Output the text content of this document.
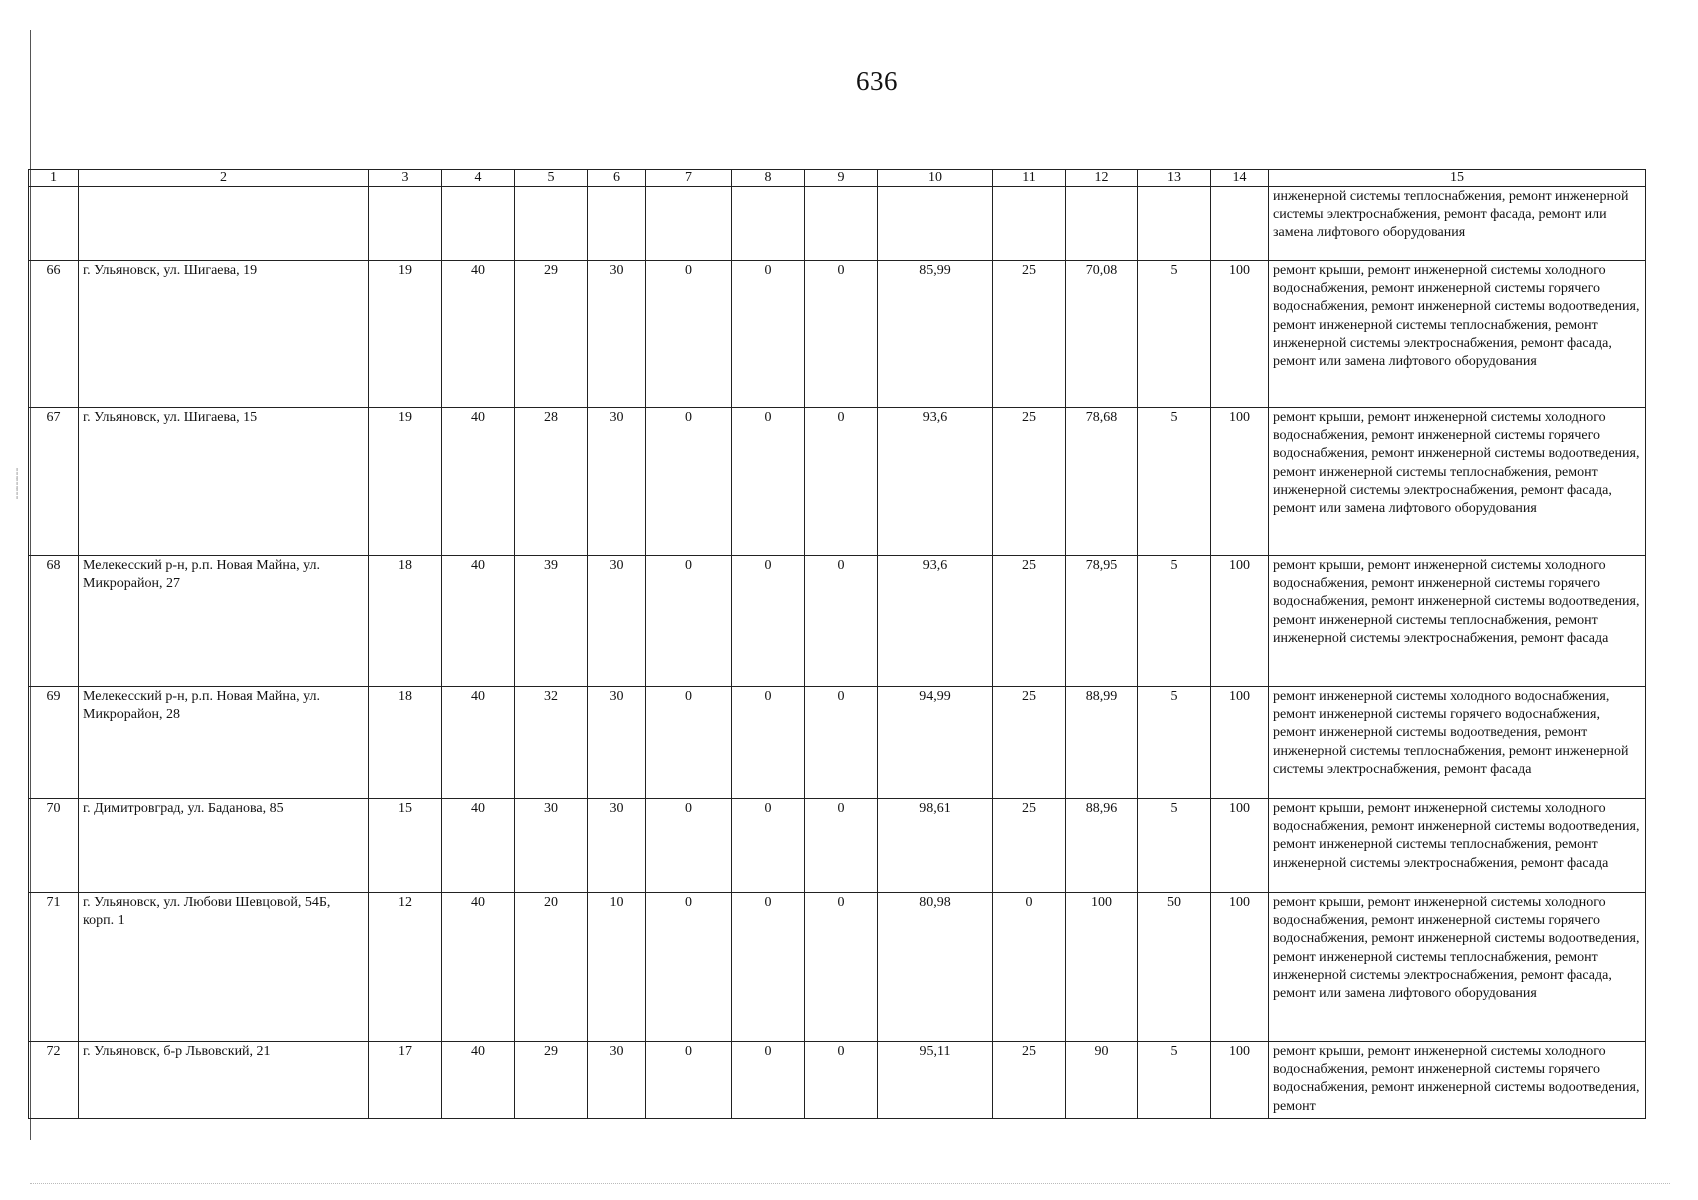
┆
┆
┆
636
1	2	3	4	5	6	7	8	9	10	11	12	13	14	15
														инженерной системы теплоснабжения, ремонт инженерной системы электроснабжения, ремонт фасада, ремонт или замена лифтового оборудования
66	г. Ульяновск, ул. Шигаева, 19	19	40	29	30	0	0	0	85,99	25	70,08	5	100	ремонт крыши, ремонт инженерной системы холодного водоснабжения, ремонт инженерной системы горячего водоснабжения, ремонт инженерной системы водоотведения, ремонт инженерной системы теплоснабжения, ремонт инженерной системы электроснабжения, ремонт фасада, ремонт или замена лифтового оборудования
67	г. Ульяновск, ул. Шигаева, 15	19	40	28	30	0	0	0	93,6	25	78,68	5	100	ремонт крыши, ремонт инженерной системы холодного водоснабжения, ремонт инженерной системы горячего водоснабжения, ремонт инженерной системы водоотведения, ремонт инженерной системы теплоснабжения, ремонт инженерной системы электроснабжения, ремонт фасада, ремонт или замена лифтового оборудования
68	Мелекесский р-н, р.п. Новая Майна, ул. Микрорайон, 27	18	40	39	30	0	0	0	93,6	25	78,95	5	100	ремонт крыши, ремонт инженерной системы холодного водоснабжения, ремонт инженерной системы горячего водоснабжения, ремонт инженерной системы водоотведения, ремонт инженерной системы теплоснабжения, ремонт инженерной системы электроснабжения, ремонт фасада
69	Мелекесский р-н, р.п. Новая Майна, ул. Микрорайон, 28	18	40	32	30	0	0	0	94,99	25	88,99	5	100	ремонт инженерной системы холодного водоснабжения, ремонт инженерной системы горячего водоснабжения, ремонт инженерной системы водоотведения, ремонт инженерной системы теплоснабжения, ремонт инженерной системы электроснабжения, ремонт фасада
70	г. Димитровград, ул. Баданова, 85	15	40	30	30	0	0	0	98,61	25	88,96	5	100	ремонт крыши, ремонт инженерной системы холодного водоснабжения, ремонт инженерной системы водоотведения, ремонт инженерной системы теплоснабжения, ремонт инженерной системы электроснабжения, ремонт фасада
71	г. Ульяновск, ул. Любови Шевцовой, 54Б, корп. 1	12	40	20	10	0	0	0	80,98	0	100	50	100	ремонт крыши, ремонт инженерной системы холодного водоснабжения, ремонт инженерной системы горячего водоснабжения, ремонт инженерной системы водоотведения, ремонт инженерной системы теплоснабжения, ремонт инженерной системы электроснабжения, ремонт фасада, ремонт или замена лифтового оборудования
72	г. Ульяновск, б-р Львовский, 21	17	40	29	30	0	0	0	95,11	25	90	5	100	ремонт крыши, ремонт инженерной системы холодного водоснабжения, ремонт инженерной системы горячего водоснабжения, ремонт инженерной системы водоотведения, ремонт
